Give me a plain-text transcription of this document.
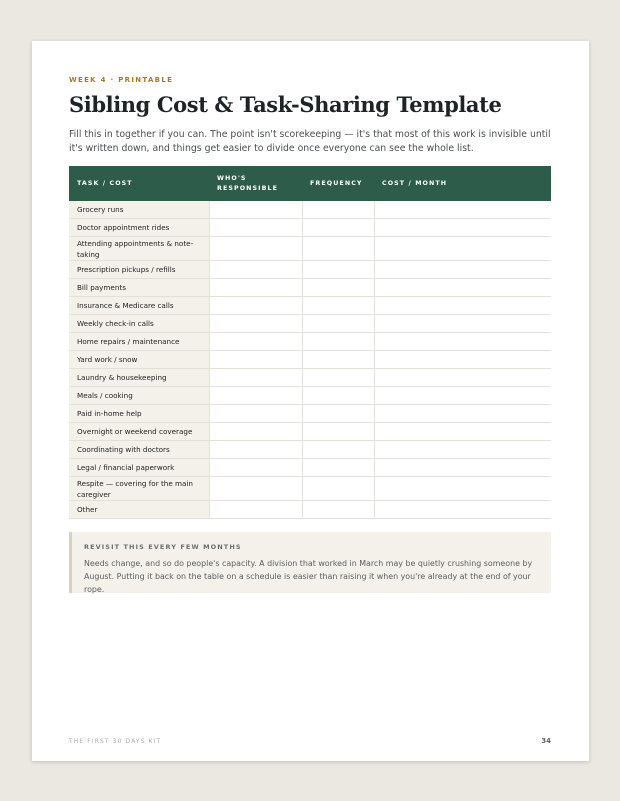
WEEK 4 · PRINTABLE
Sibling Cost & Task-Sharing Template

Fill this in together if you can. The point isn't scorekeeping — it's that most of this work is invisible until it's written down, and things get easier to divide once everyone can see the whole list.

TASK / COST	WHO'S RESPONSIBLE	FREQUENCY	COST / MONTH
Grocery runs			
Doctor appointment rides			
Attending appointments & note-taking			
Prescription pickups / refills			
Bill payments			
Insurance & Medicare calls			
Weekly check-in calls			
Home repairs / maintenance			
Yard work / snow			
Laundry & housekeeping			
Meals / cooking			
Paid in-home help			
Overnight or weekend coverage			
Coordinating with doctors			
Legal / financial paperwork			
Respite — covering for the main caregiver			
Other			
REVISIT THIS EVERY FEW MONTHS
Needs change, and so do people's capacity. A division that worked in March may be quietly crushing someone by August. Putting it back on the table on a schedule is easier than raising it when you're already at the end of your rope.
THE FIRST 30 DAYS KIT	34
